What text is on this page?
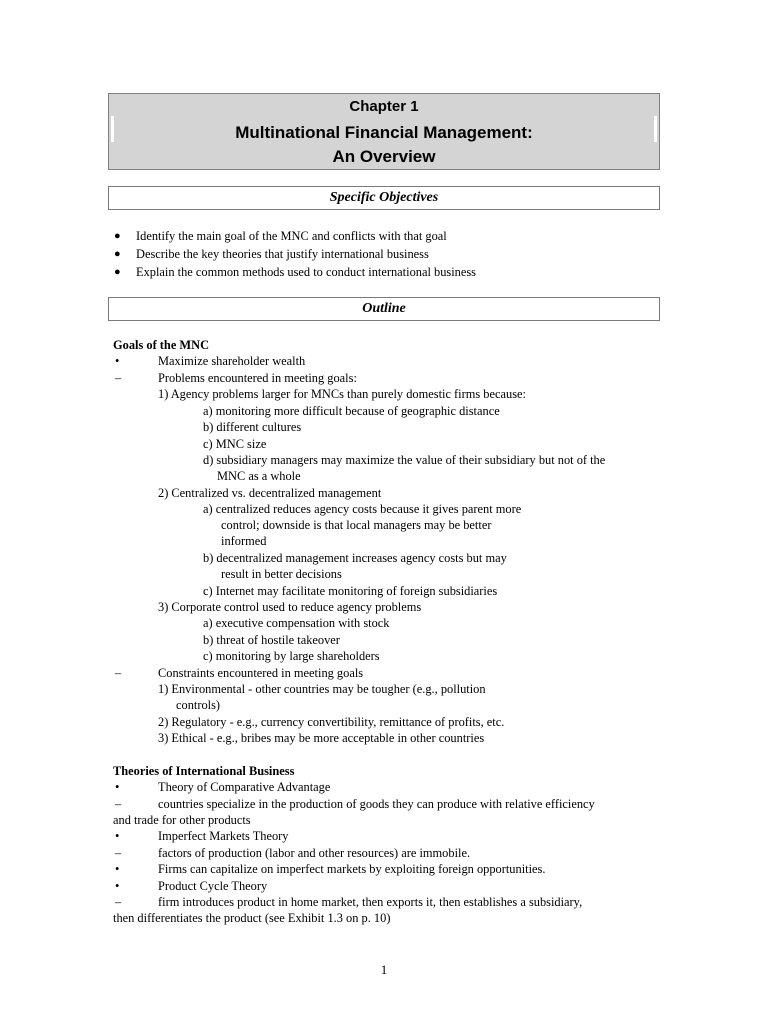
Chapter 1
Multinational Financial Management:
An Overview
Specific Objectives
● Identify the main goal of the MNC and conflicts with that goal
● Describe the key theories that justify international business
● Explain the common methods used to conduct international business
Outline
Goals of the MNC
•	Maximize shareholder wealth
–	Problems encountered in meeting goals:
1) Agency problems larger for MNCs than purely domestic firms because:
a) monitoring more difficult because of geographic distance
b) different cultures
c) MNC size
d) subsidiary managers may maximize the value of their subsidiary but not of the
MNC as a whole
2) Centralized vs. decentralized management
a) centralized reduces agency costs because it gives parent more
control; downside is that local managers may be better
informed
b) decentralized management increases agency costs but may
result in better decisions
c) Internet may facilitate monitoring of foreign subsidiaries
3) Corporate control used to reduce agency problems
a) executive compensation with stock
b) threat of hostile takeover
c) monitoring by large shareholders
–	Constraints encountered in meeting goals
1) Environmental - other countries may be tougher (e.g., pollution
controls)
2) Regulatory - e.g., currency convertibility, remittance of profits, etc.
3) Ethical - e.g., bribes may be more acceptable in other countries
Theories of International Business
•	Theory of Comparative Advantage
–	countries specialize in the production of goods they can produce with relative efficiency
and trade for other products
•	Imperfect Markets Theory
–	factors of production (labor and other resources) are immobile.
•	Firms can capitalize on imperfect markets by exploiting foreign opportunities.
•	Product Cycle Theory
–	firm introduces product in home market, then exports it, then establishes a subsidiary,
then differentiates the product (see Exhibit 1.3 on p. 10)
1
